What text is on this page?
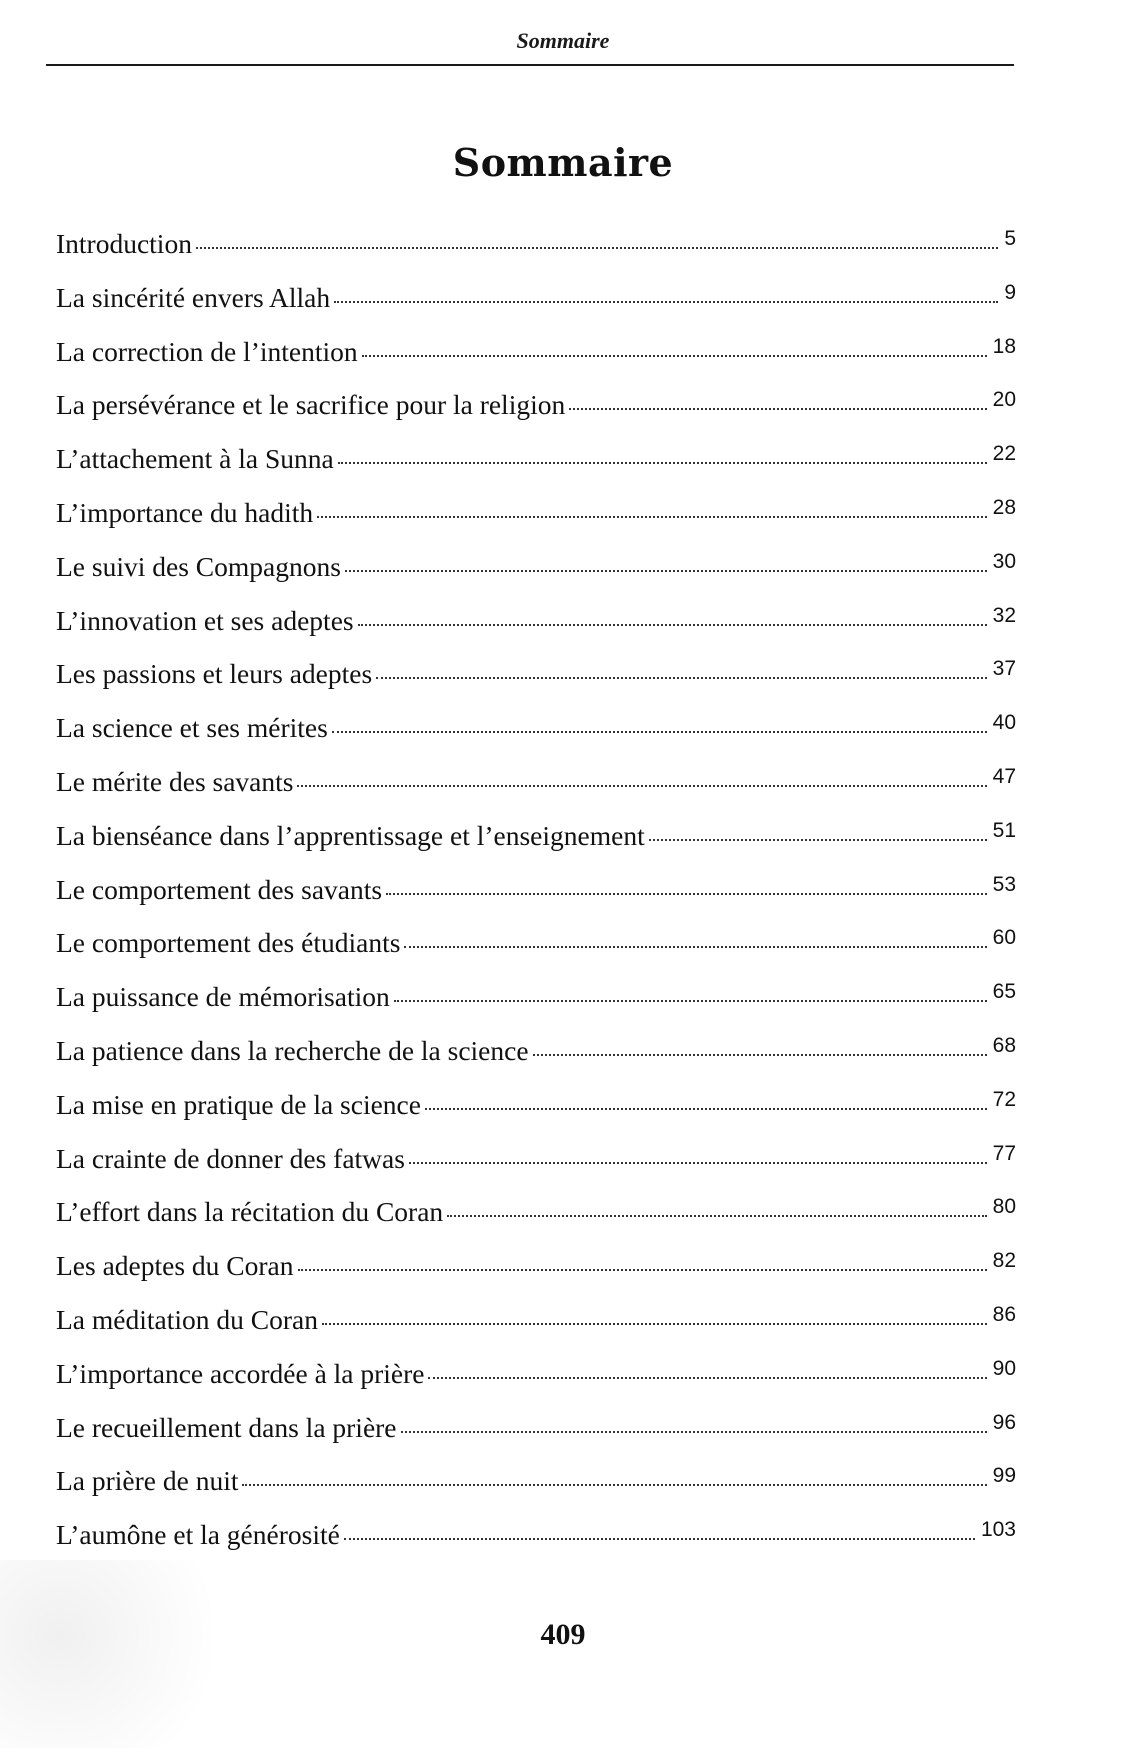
Sommaire
Sommaire
Introduction	5
La sincérité envers Allah	9
La correction de l’intention	18
La persévérance et le sacrifice pour la religion	20
L’attachement à la Sunna	22
L’importance du hadith	28
Le suivi des Compagnons	30
L’innovation et ses adeptes	32
Les passions et leurs adeptes	37
La science et ses mérites	40
Le mérite des savants	47
La bienséance dans l’apprentissage et l’enseignement	51
Le comportement des savants	53
Le comportement des étudiants	60
La puissance de mémorisation	65
La patience dans la recherche de la science	68
La mise en pratique de la science	72
La crainte de donner des fatwas	77
L’effort dans la récitation du Coran	80
Les adeptes du Coran	82
La méditation du Coran	86
L’importance accordée à la prière	90
Le recueillement dans la prière	96
La prière de nuit	99
L’aumône et la générosité	103
409
